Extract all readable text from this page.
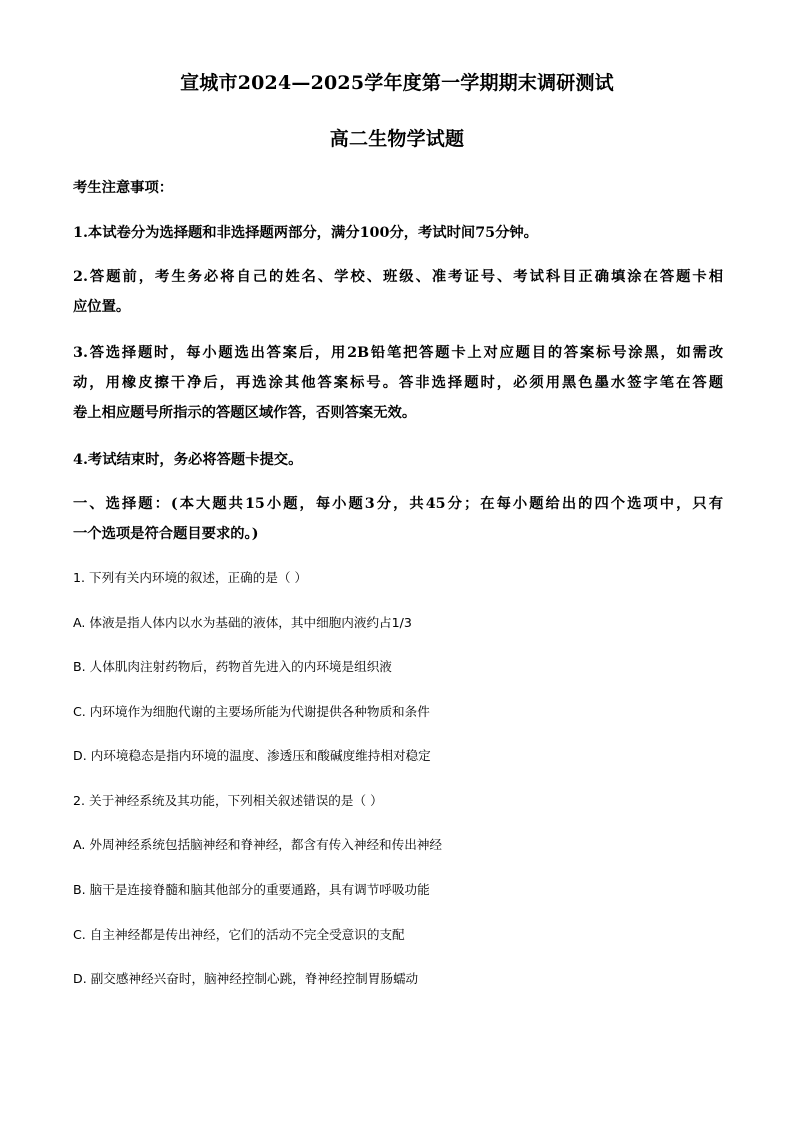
宣城市2024—2025学年度第一学期期末调研测试
高二生物学试题
考生注意事项：
1.本试卷分为选择题和非选择题两部分，满分100分，考试时间75分钟。
2.答题前，考生务必将自己的姓名、学校、班级、准考证号、考试科目正确填涂在答题卡相
应位置。
3.答选择题时，每小题选出答案后，用2B铅笔把答题卡上对应题目的答案标号涂黑，如需改
动，用橡皮擦干净后，再选涂其他答案标号。答非选择题时，必须用黑色墨水签字笔在答题
卷上相应题号所指示的答题区域作答，否则答案无效。
4.考试结束时，务必将答题卡提交。
一、选择题：(本大题共15小题，每小题3分，共45分；在每小题给出的四个选项中，只有
一个选项是符合题目要求的。)
1. 下列有关内环境的叙述，正确的是（ ）
A. 体液是指人体内以水为基础的液体，其中细胞内液约占1/3
B. 人体肌肉注射药物后，药物首先进入的内环境是组织液
C. 内环境作为细胞代谢的主要场所能为代谢提供各种物质和条件
D. 内环境稳态是指内环境的温度、渗透压和酸碱度维持相对稳定
2. 关于神经系统及其功能，下列相关叙述错误的是（ ）
A. 外周神经系统包括脑神经和脊神经，都含有传入神经和传出神经
B. 脑干是连接脊髓和脑其他部分的重要通路，具有调节呼吸功能
C. 自主神经都是传出神经，它们的活动不完全受意识的支配
D. 副交感神经兴奋时，脑神经控制心跳，脊神经控制胃肠蠕动
